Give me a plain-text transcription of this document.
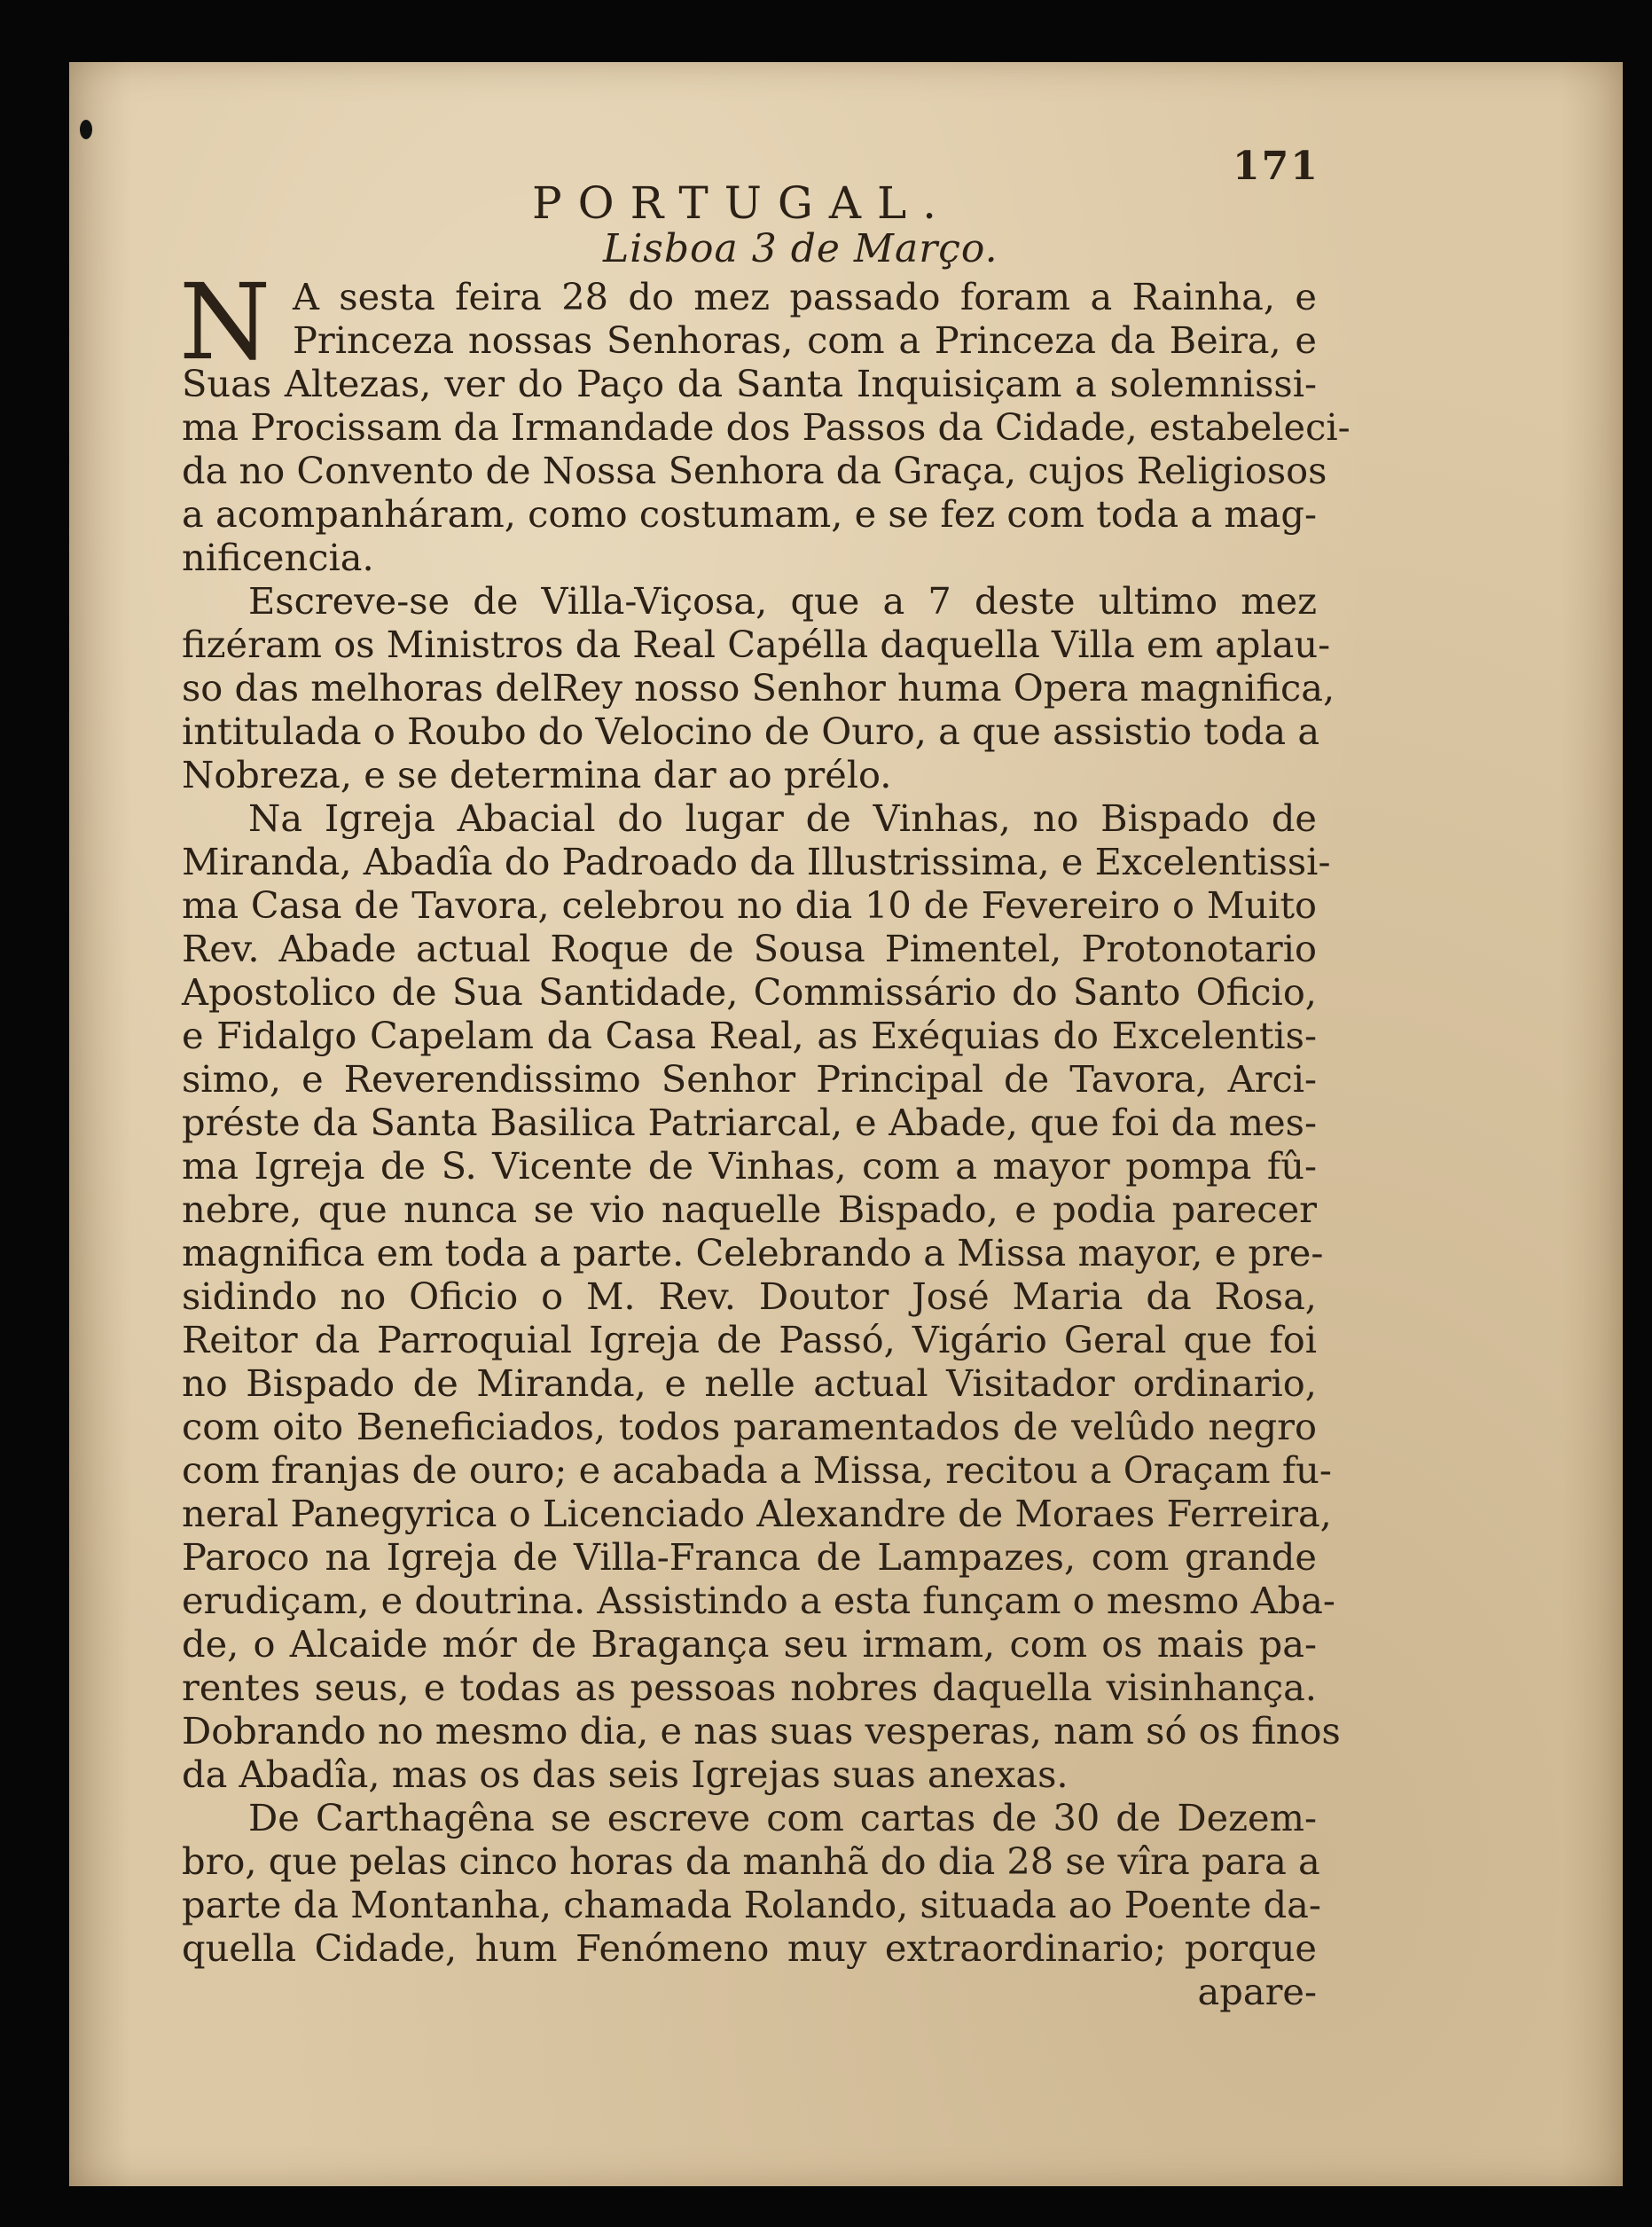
171
PORTUGAL.
Lisboa 3 de Março.
N A sesta feira 28 do mez passado foram a Rainha, e
Princeza nossas Senhoras, com a Princeza da Beira, e
Suas Altezas, ver do Paço da Santa Inquisiçam a solemnissi-
ma Procissam da Irmandade dos Passos da Cidade, estabeleci-
da no Convento de Nossa Senhora da Graça, cujos Religiosos
a acompanháram, como costumam, e se fez com toda a mag-
nificencia.
Escreve-se de Villa-Viçosa, que a 7 deste ultimo mez
fizéram os Ministros da Real Capélla daquella Villa em aplau-
so das melhoras delRey nosso Senhor huma Opera magnifica,
intitulada o Roubo do Velocino de Ouro, a que assistio toda a
Nobreza, e se determina dar ao prélo.
Na Igreja Abacial do lugar de Vinhas, no Bispado de
Miranda, Abadîa do Padroado da Illustrissima, e Excelentissi-
ma Casa de Tavora, celebrou no dia 10 de Fevereiro o Muito
Rev. Abade actual Roque de Sousa Pimentel, Protonotario
Apostolico de Sua Santidade, Commissário do Santo Oficio,
e Fidalgo Capelam da Casa Real, as Exéquias do Excelentis-
simo, e Reverendissimo Senhor Principal de Tavora, Arci-
préste da Santa Basilica Patriarcal, e Abade, que foi da mes-
ma Igreja de S. Vicente de Vinhas, com a mayor pompa fû-
nebre, que nunca se vio naquelle Bispado, e podia parecer
magnifica em toda a parte. Celebrando a Missa mayor, e pre-
sidindo no Oficio o M. Rev. Doutor José Maria da Rosa,
Reitor da Parroquial Igreja de Passó, Vigário Geral que foi
no Bispado de Miranda, e nelle actual Visitador ordinario,
com oito Beneficiados, todos paramentados de velûdo negro
com franjas de ouro; e acabada a Missa, recitou a Oraçam fu-
neral Panegyrica o Licenciado Alexandre de Moraes Ferreira,
Paroco na Igreja de Villa-Franca de Lampazes, com grande
erudiçam, e doutrina. Assistindo a esta funçam o mesmo Aba-
de, o Alcaide mór de Bragança seu irmam, com os mais pa-
rentes seus, e todas as pessoas nobres daquella visinhança.
Dobrando no mesmo dia, e nas suas vesperas, nam só os finos
da Abadîa, mas os das seis Igrejas suas anexas.
De Carthagêna se escreve com cartas de 30 de Dezem-
bro, que pelas cinco horas da manhã do dia 28 se vîra para a
parte da Montanha, chamada Rolando, situada ao Poente da-
quella Cidade, hum Fenómeno muy extraordinario; porque
apare-
